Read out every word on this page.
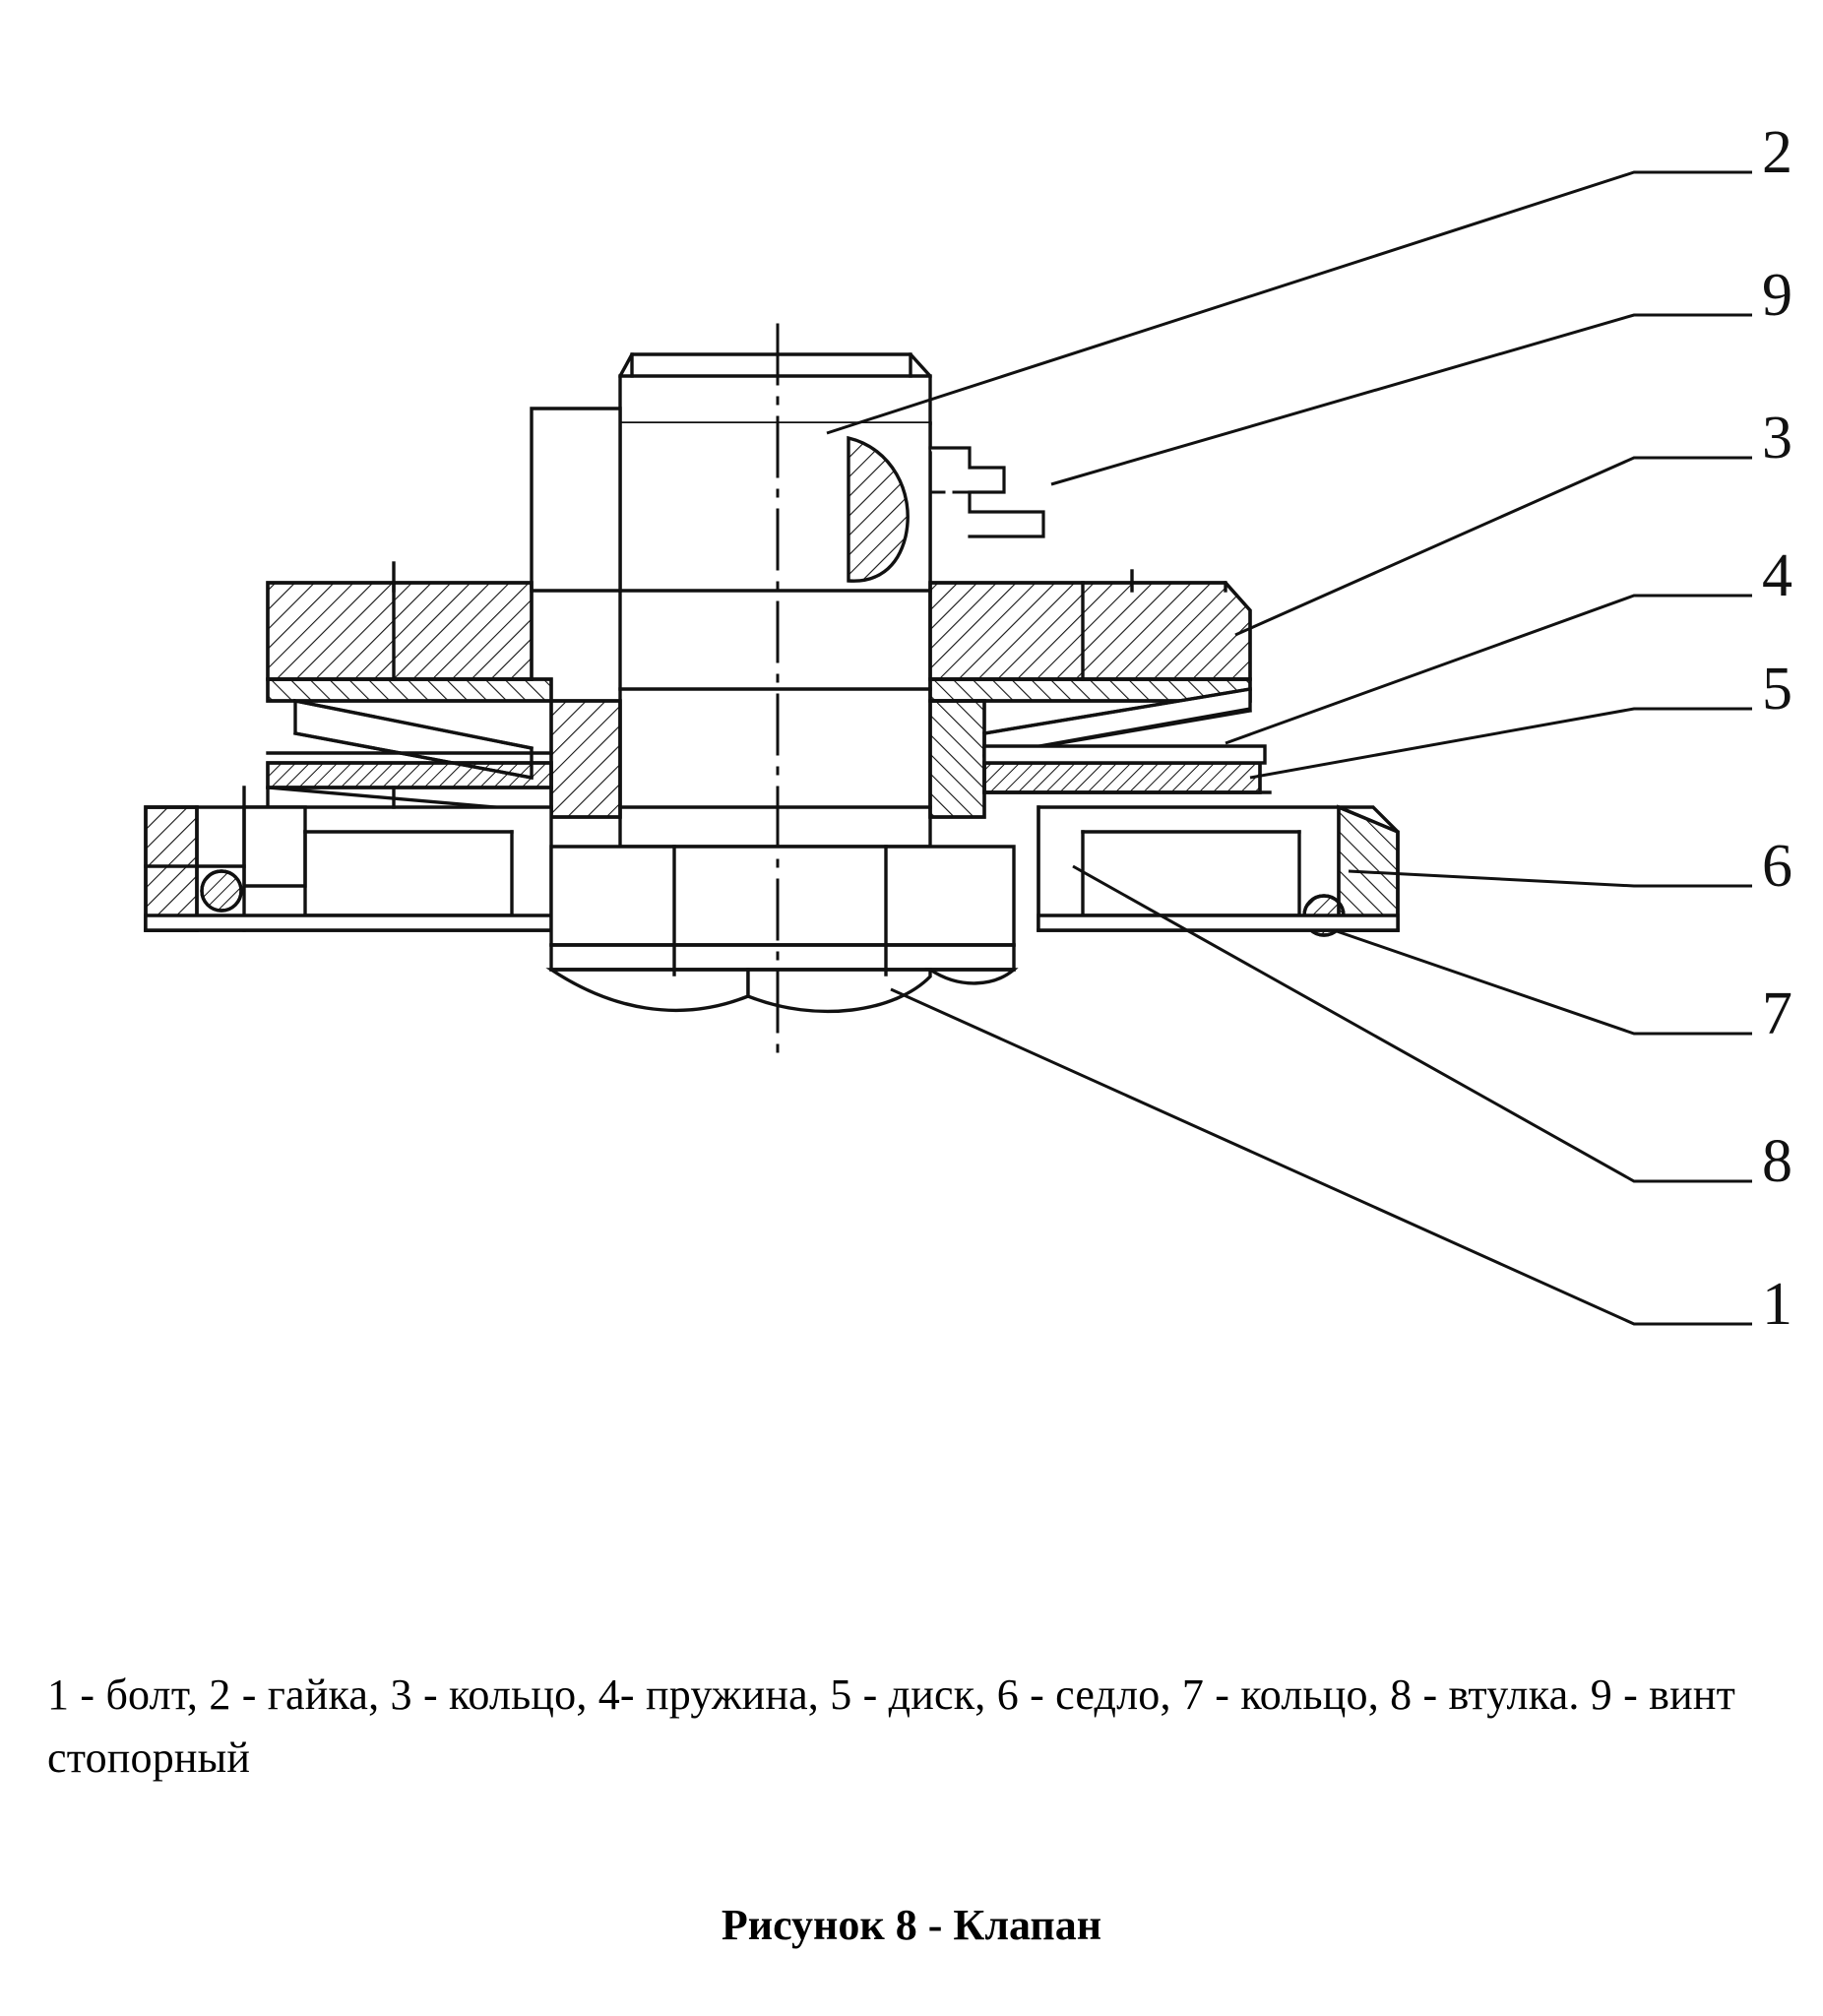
2
9
3
4
5
6
7
8
1
1 - болт, 2 - гайка, 3 - кольцо, 4- пружина, 5 - диск, 6 - седло, 7 - кольцо, 8 - втулка. 9 - винт стопорный
Рисунок 8 - Клапан
